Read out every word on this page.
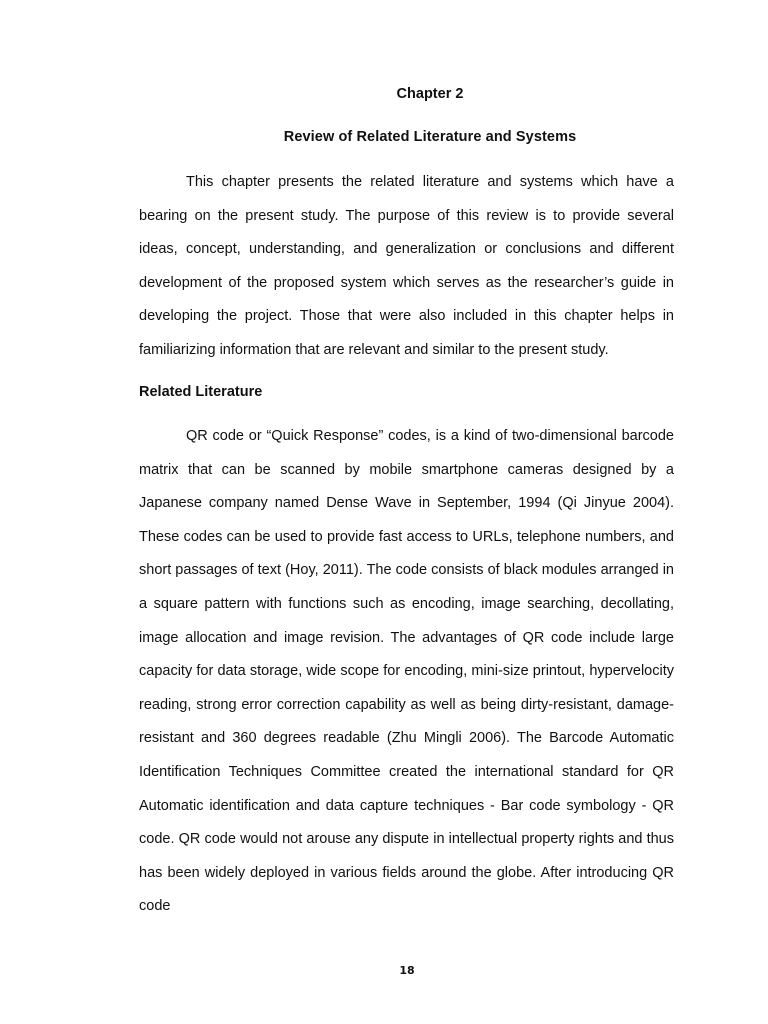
Chapter 2
Review of Related Literature and Systems

This chapter presents the related literature and systems which have a bearing on the present study. The purpose of this review is to provide several ideas, concept, understanding, and generalization or conclusions and different development of the proposed system which serves as the researcher’s guide in developing the project. Those that were also included in this chapter helps in familiarizing information that are relevant and similar to the present study.

Related Literature

QR code or “Quick Response” codes, is a kind of two-dimensional barcode matrix that can be scanned by mobile smartphone cameras designed by a Japanese company named Dense Wave in September, 1994 (Qi Jinyue 2004). These codes can be used to provide fast access to URLs, telephone numbers, and short passages of text (Hoy, 2011). The code consists of black modules arranged in a square pattern with functions such as encoding, image searching, decollating, image allocation and image revision. The advantages of QR code include large capacity for data storage, wide scope for encoding, mini-size printout, hypervelocity reading, strong error correction capability as well as being dirty-resistant, damage-resistant and 360 degrees readable (Zhu Mingli 2006). The Barcode Automatic Identification Techniques Committee created the international standard for QR Automatic identification and data capture techniques - Bar code symbology - QR code. QR code would not arouse any dispute in intellectual property rights and thus has been widely deployed in various fields around the globe. After introducing QR code

18
